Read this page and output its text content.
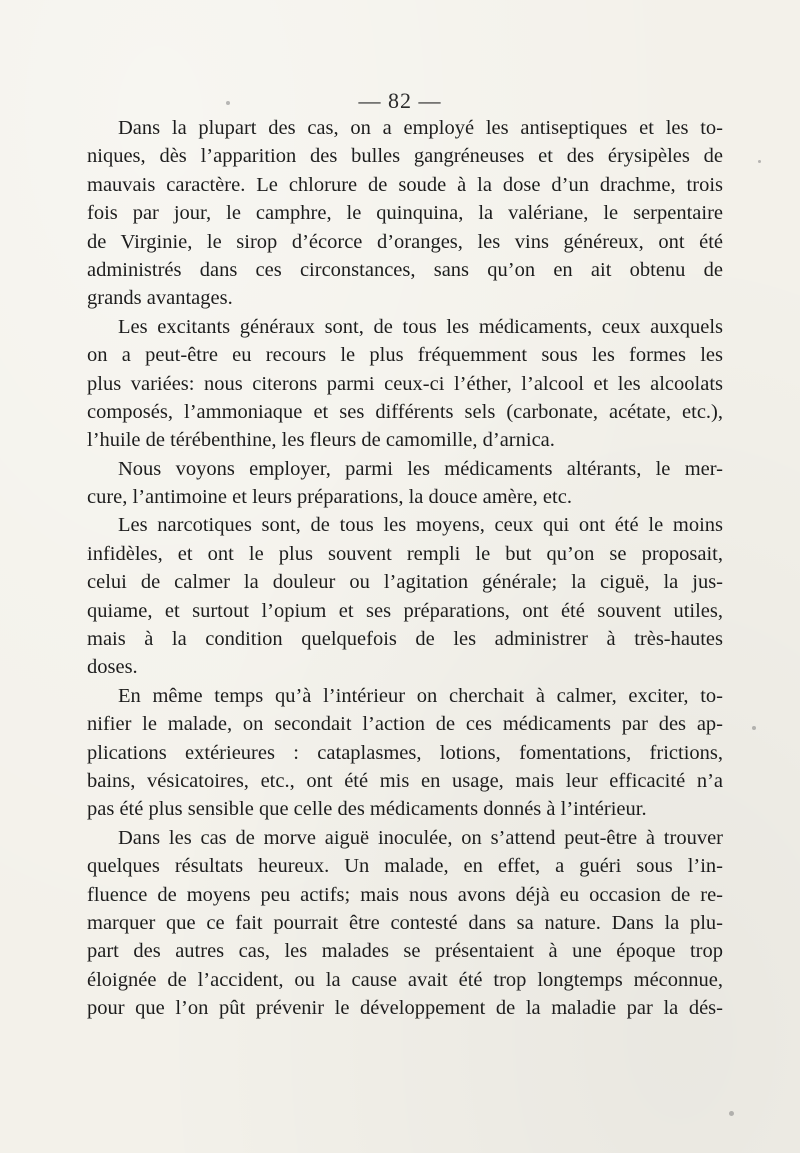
— 82 —
Dans la plupart des cas, on a employé les antiseptiques et les to-
niques, dès l’apparition des bulles gangréneuses et des érysipèles de
mauvais caractère. Le chlorure de soude à la dose d’un drachme, trois
fois par jour, le camphre, le quinquina, la valériane, le serpentaire
de Virginie, le sirop d’écorce d’oranges, les vins généreux, ont été
administrés dans ces circonstances, sans qu’on en ait obtenu de
grands avantages.
Les excitants généraux sont, de tous les médicaments, ceux auxquels
on a peut-être eu recours le plus fréquemment sous les formes les
plus variées: nous citerons parmi ceux-ci l’éther, l’alcool et les alcoolats
composés, l’ammoniaque et ses différents sels (carbonate, acétate, etc.),
l’huile de térébenthine, les fleurs de camomille, d’arnica.
Nous voyons employer, parmi les médicaments altérants, le mer-
cure, l’antimoine et leurs préparations, la douce amère, etc.
Les narcotiques sont, de tous les moyens, ceux qui ont été le moins
infidèles, et ont le plus souvent rempli le but qu’on se proposait,
celui de calmer la douleur ou l’agitation générale; la ciguë, la jus-
quiame, et surtout l’opium et ses préparations, ont été souvent utiles,
mais à la condition quelquefois de les administrer à très-hautes
doses.
En même temps qu’à l’intérieur on cherchait à calmer, exciter, to-
nifier le malade, on secondait l’action de ces médicaments par des ap-
plications extérieures : cataplasmes, lotions, fomentations, frictions,
bains, vésicatoires, etc., ont été mis en usage, mais leur efficacité n’a
pas été plus sensible que celle des médicaments donnés à l’intérieur.
Dans les cas de morve aiguë inoculée, on s’attend peut-être à trouver
quelques résultats heureux. Un malade, en effet, a guéri sous l’in-
fluence de moyens peu actifs; mais nous avons déjà eu occasion de re-
marquer que ce fait pourrait être contesté dans sa nature. Dans la plu-
part des autres cas, les malades se présentaient à une époque trop
éloignée de l’accident, ou la cause avait été trop longtemps méconnue,
pour que l’on pût prévenir le développement de la maladie par la dés-
